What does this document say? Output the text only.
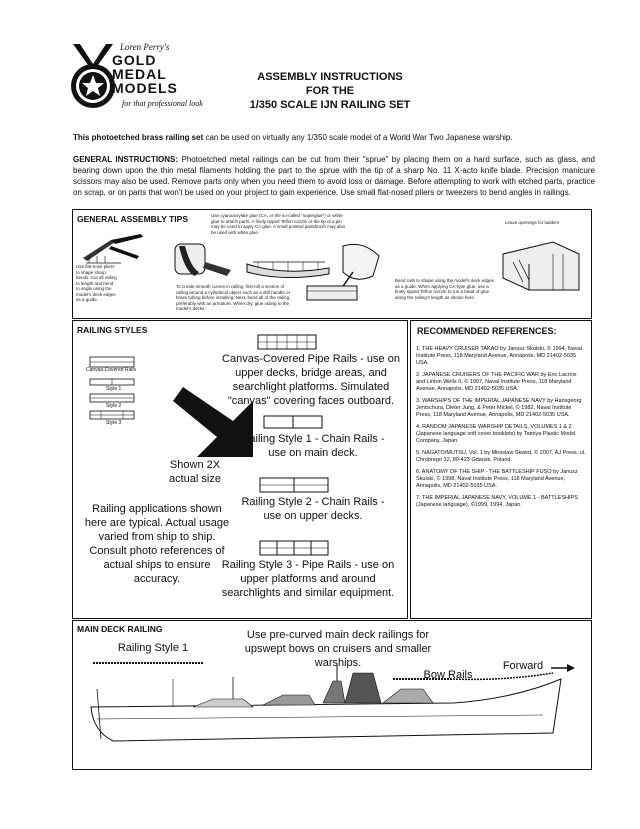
Loren Perry's
GOLD
MEDAL
MODELS
for that professional look
ASSEMBLY INSTRUCTIONS
FOR THE
1/350 SCALE IJN RAILING SET
This photoetched brass railing set can be used on virtually any 1/350 scale model of a World War Two Japanese warship.
GENERAL INSTRUCTIONS: Photoetched metal railings can be cut from their "sprue" by placing them on a hard surface, such as glass, and bearing down upon the thin metal filaments holding the part to the sprue with the tip of a sharp No. 11 X-acto knife blade. Precision manicure scissors may also be used. Remove parts only when you need them to avoid loss or damage. Before attempting to work with etched parts, practice on scrap, or on parts that won't be used on your project to gain experience. Use small flat-nosed pliers or tweezers to bend angles in railings.
GENERAL ASSEMBLY TIPS	Use cyanoacrylate glue (CA, or the so-called "superglue") or white glue to attach parts. A finely tipped Teflon nozzle or the tip of a pin may be used to apply CA glue. A small pointed paintbrush may also be used with white glue.
Leave openings for ladders
Use flat-nose pliers to shape sharp bends. Cut all railing to length and bend to angle using the model's deck edges as a guide.
To create smooth curves in railing, first roll a section of railing around a cylindrical object such as a drill handle or brass tubing before installing. Next, bend all of the railing, preferably with an armature. When dry, glue railing to the model's decks.
Bend rails to shape using the model's deck edges as a guide. When applying CA-type glue, use a finely tipped Teflon nozzle to run a bead of glue along the railing's length as shown here.
RAILING STYLES
Canvas-Covered Rails
Style 1
Style 2
Style 3
Shown 2X actual size
Canvas-Covered Pipe Rails - use on upper decks, bridge areas, and searchlight platforms. Simulated "canvas" covering faces outboard.
Railing Style 1 - Chain Rails - use on main deck.
Railing Style 2 - Chain Rails - use on upper decks.
Railing Style 3 - Pipe Rails - use on upper platforms and around searchlights and similar equipment.
Railing applications shown here are typical. Actual usage varied from ship to ship. Consult photo references of actual ships to ensure accuracy.
RECOMMENDED REFERENCES:
1. THE HEAVY CRUISER TAKAO by Janusz Skulski, © 1994, Naval Institute Press, 118 Maryland Avenue, Annapolis, MD 21402-5035 USA.
2. JAPANESE CRUISERS OF THE PACIFIC WAR by Eric Lacroix and Linton Wells II, © 1997, Naval Institute Press, 118 Maryland Avenue, Annapolis, MD 21402-5035 USA.
3. WARSHIPS OF THE IMPERIAL JAPANESE NAVY by Hansgeorg Jentschura, Dieter Jung, & Peter Mickel, © 1982, Naval Institute Press, 118 Maryland Avenue, Annapolis, MD 21402-5035 USA.
4. RANDOM JAPANESE WARSHIP DETAILS, VOLUMES 1 & 2 (Japanese language soft cover booklets) by Tamiya Plastic Model Company, Japan.
5. NAGATO/MUTSU, Vol. 1 by Miroslaw Skwiot, © 2007, AJ Press, ul. Chrobrego 32, 80-423 Gdansk, Poland.
6. ANATOMY OF THE SHIP - THE BATTLESHIP FUSO by Janusz Skulski, © 1998, Naval Institute Press, 118 Maryland Avenue, Annapolis, MD 21402-5035 USA.
7. THE IMPERIAL JAPANESE NAVY, VOLUME 1 - BATTLESHIPS (Japanese language), ©1999, 1994, Japan.
MAIN DECK RAILING	Use pre-curved main deck railings for upswept bows on cruisers and smaller warships.
Railing Style 1
Bow Rails
Forward
